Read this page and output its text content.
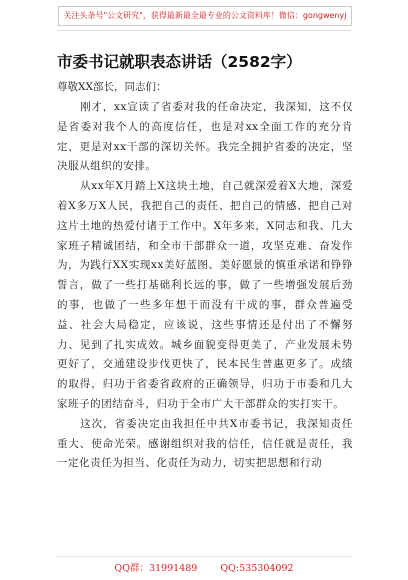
关注头条号"公文研究"，获得最新最全最专业的公文资料库！微信：gongwenyj
市委书记就职表态讲话（2582字）
尊敬XX部长，同志们：

刚才，xx宣读了省委对我的任命决定，我深知，这不仅是省委对我个人的高度信任，也是对xx全面工作的充分肯定，更是对xx干部的深切关怀。我完全拥护省委的决定，坚决服从组织的安排。

从xx年X月踏上X这块土地，自己就深爱着X大地，深爱着X多万X人民，我把自己的责任、把自己的情感、把自己对这片土地的热爱付诸于工作中。X年多来，X同志和我、几大家班子精诚团结，和全市干部群众一道，攻坚克难、奋发作为，为践行XX实现xx美好蓝图、美好愿景的慎重承诺和铮铮誓言，做了一些打基础利长远的事，做了一些增强发展后劲的事，也做了一些多年想干而没有干成的事，群众普遍受益、社会大局稳定，应该说，这些事情还是付出了不懈努力、见到了扎实成效。城乡面貌变得更美了，产业发展未势更好了，交通建设步伐更快了，民本民生普惠更多了。成绩的取得，归功于省委省政府的正确领导，归功于市委和几大家班子的团结奋斗，归功于全市广大干部群众的实打实干。

这次，省委决定由我担任中共X市委书记，我深知责任重大、使命光荣。感谢组织对我的信任，信任就是责任，我一定化责任为担当、化责任为动力，切实把思想和行动

QQ群：31991489 QQ:535304092
